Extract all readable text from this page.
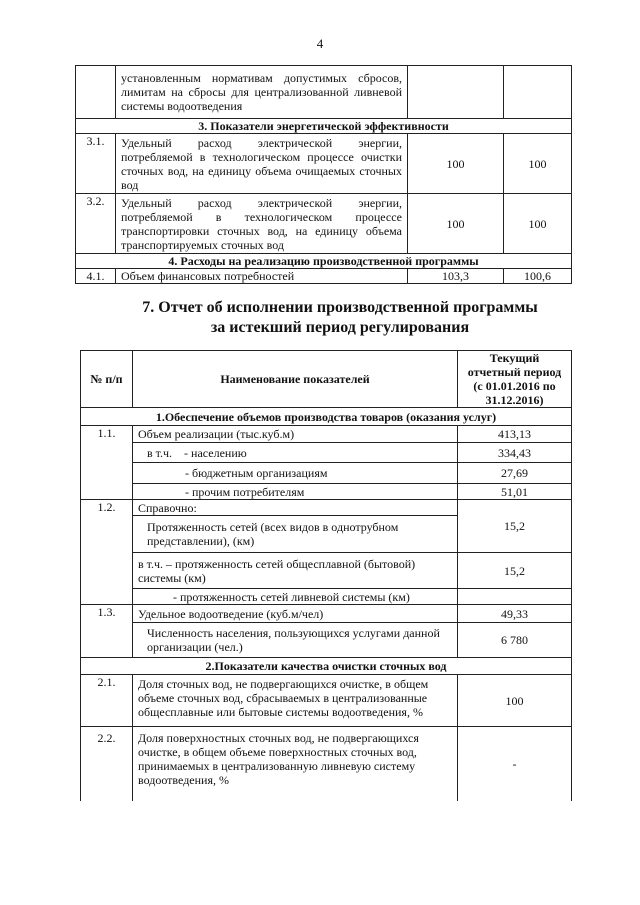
4
	установленным нормативам допустимых сбросов, лимитам на сбросы для централизованной ливневой системы водоотведения		
3. Показатели энергетической эффективности			
3.1.	Удельный расход электрической энергии, потребляемой в технологическом процессе очистки сточных вод, на единицу объема очищаемых сточных вод	100	100
3.2.	Удельный расход электрической энергии, потребляемой в технологическом процессе транспортировки сточных вод, на единицу объема транспортируемых сточных вод	100	100
4. Расходы на реализацию производственной программы			
4.1.	Объем финансовых потребностей	103,3	100,6
7. Отчет об исполнении производственной программы
за истекший период регулирования
№ п/п	Наименование показателей	Текущий отчетный период (с 01.01.2016 по 31.12.2016)
1.Обеспечение объемов производства товаров (оказания услуг)		
1.1.	Объем реализации (тыс.куб.м)	413,13
	в т.ч.    - населению	334,43
	- бюджетным организациям	27,69
	- прочим потребителям	51,01
1.2.	Справочно:	15,2
	Протяженность сетей (всех видов в однотрубном представлении), (км)	
	в т.ч. – протяженность сетей общесплавной (бытовой) системы (км)	15,2
	- протяженность сетей ливневой системы (км)	
1.3.	Удельное водоотведение (куб.м/чел)	49,33
	Численность населения, пользующихся услугами данной организации (чел.)	6 780
2.Показатели качества очистки сточных вод		
2.1.	Доля сточных вод, не подвергающихся очистке, в общем объеме сточных вод, сбрасываемых в централизованные общесплавные или бытовые системы водоотведения, %	100
2.2.	Доля поверхностных сточных вод, не подвергающихся очистке, в общем объеме поверхностных сточных вод, принимаемых в централизованную ливневую систему водоотведения, %	-
